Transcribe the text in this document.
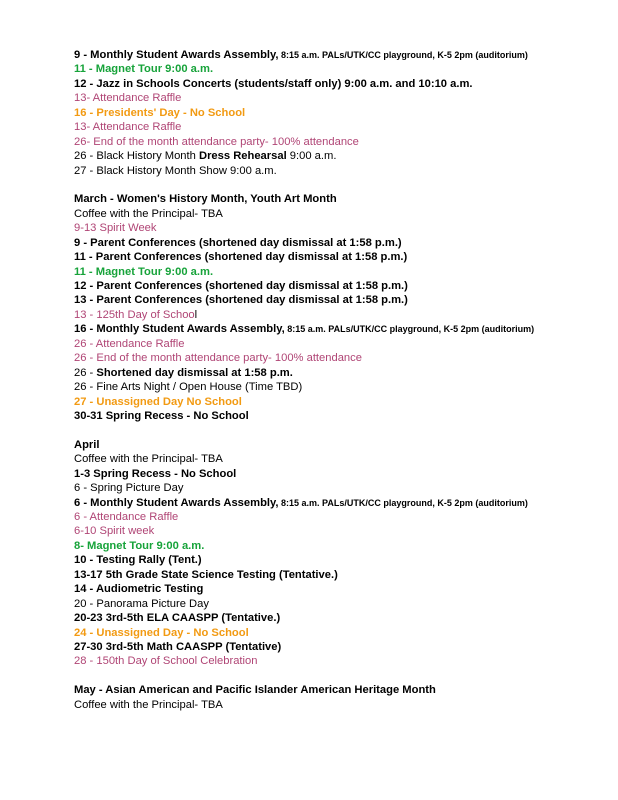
9 - Monthly Student Awards Assembly, 8:15 a.m. PALs/UTK/CC playground, K-5 2pm (auditorium)
11 - Magnet Tour 9:00 a.m.
12 - Jazz in Schools Concerts (students/staff only) 9:00 a.m. and 10:10 a.m.
13- Attendance Raffle
16 - Presidents' Day - No School
13- Attendance Raffle
26- End of the month attendance party- 100% attendance
26 - Black History Month Dress Rehearsal 9:00 a.m.
27 - Black History Month Show 9:00 a.m.
March - Women's History Month, Youth Art Month
Coffee with the Principal- TBA
9-13 Spirit Week
9 - Parent Conferences (shortened day dismissal at 1:58 p.m.)
11 - Parent Conferences (shortened day dismissal at 1:58 p.m.)
11 - Magnet Tour 9:00 a.m.
12 - Parent Conferences (shortened day dismissal at 1:58 p.m.)
13 - Parent Conferences (shortened day dismissal at 1:58 p.m.)
13 - 125th Day of School
16 - Monthly Student Awards Assembly, 8:15 a.m. PALs/UTK/CC playground, K-5 2pm (auditorium)
26 - Attendance Raffle
26 - End of the month attendance party- 100% attendance
26 - Shortened day dismissal at 1:58 p.m.
26 - Fine Arts Night / Open House (Time TBD)
27 - Unassigned Day No School
30-31 Spring Recess - No School
April
Coffee with the Principal- TBA
1-3 Spring Recess - No School
6 - Spring Picture Day
6 - Monthly Student Awards Assembly, 8:15 a.m. PALs/UTK/CC playground, K-5 2pm (auditorium)
6 - Attendance Raffle
6-10 Spirit week
8- Magnet Tour 9:00 a.m.
10 - Testing Rally (Tent.)
13-17 5th Grade State Science Testing (Tentative.)
14 - Audiometric Testing
20 - Panorama Picture Day
20-23 3rd-5th ELA CAASPP (Tentative.)
24 - Unassigned Day - No School
27-30 3rd-5th Math CAASPP (Tentative)
28 - 150th Day of School Celebration
May - Asian American and Pacific Islander American Heritage Month
Coffee with the Principal- TBA
